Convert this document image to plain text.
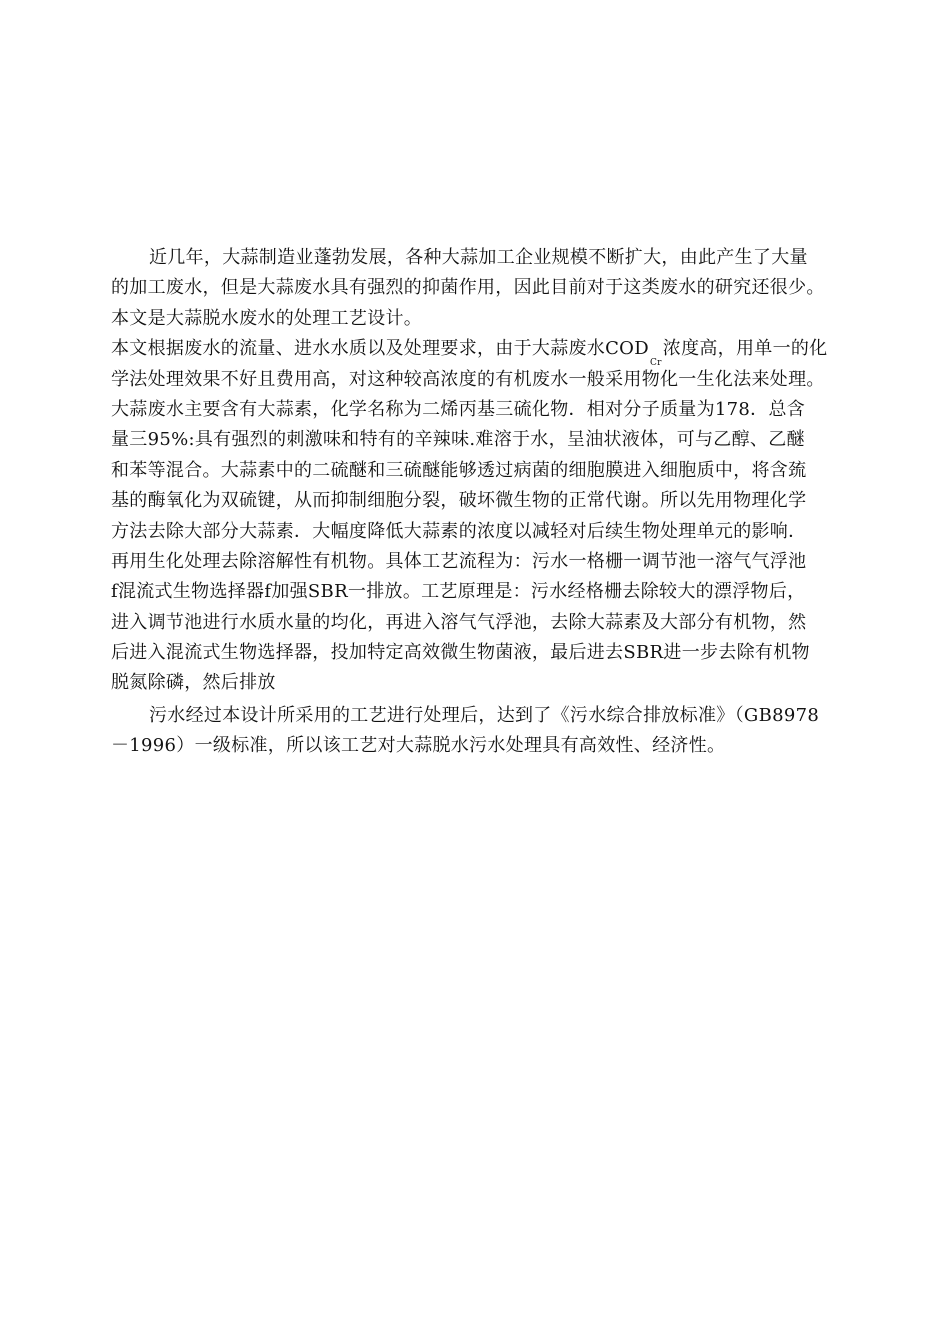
近几年，大蒜制造业蓬勃发展，各种大蒜加工企业规模不断扩大，由此产生了大量
的加工废水，但是大蒜废水具有强烈的抑菌作用，因此目前对于这类废水的研究还很少。
本文是大蒜脱水废水的处理工艺设计。
本文根据废水的流量、进水水质以及处理要求，由于大蒜废水$COD_{Cr}$浓度高，用单一的化
学法处理效果不好且费用高，对这种较高浓度的有机废水一般采用物化一生化法来处理。
大蒜废水主要含有大蒜素，化学名称为二烯丙基三硫化物．相对分子质量为178．总含
量三95%:具有强烈的刺激味和特有的辛辣味.难溶于水，呈油状液体，可与乙醇、乙醚
和苯等混合。大蒜素中的二硫醚和三硫醚能够透过病菌的细胞膜进入细胞质中，将含巯
基的酶氧化为双硫键，从而抑制细胞分裂，破坏微生物的正常代谢。所以先用物理化学
方法去除大部分大蒜素．大幅度降低大蒜素的浓度以减轻对后续生物处理单元的影响．
再用生化处理去除溶解性有机物。具体工艺流程为：污水一格栅一调节池一溶气气浮池
f混流式生物选择器f加强SBR一排放。工艺原理是：污水经格栅去除较大的漂浮物后，
进入调节池进行水质水量的均化，再进入溶气气浮池，去除大蒜素及大部分有机物，然
后进入混流式生物选择器，投加特定高效微生物菌液，最后进去SBR进一步去除有机物
脱氮除磷，然后排放
污水经过本设计所采用的工艺进行处理后，达到了《污水综合排放标准》（GB8978
－1996）一级标准，所以该工艺对大蒜脱水污水处理具有高效性、经济性。
